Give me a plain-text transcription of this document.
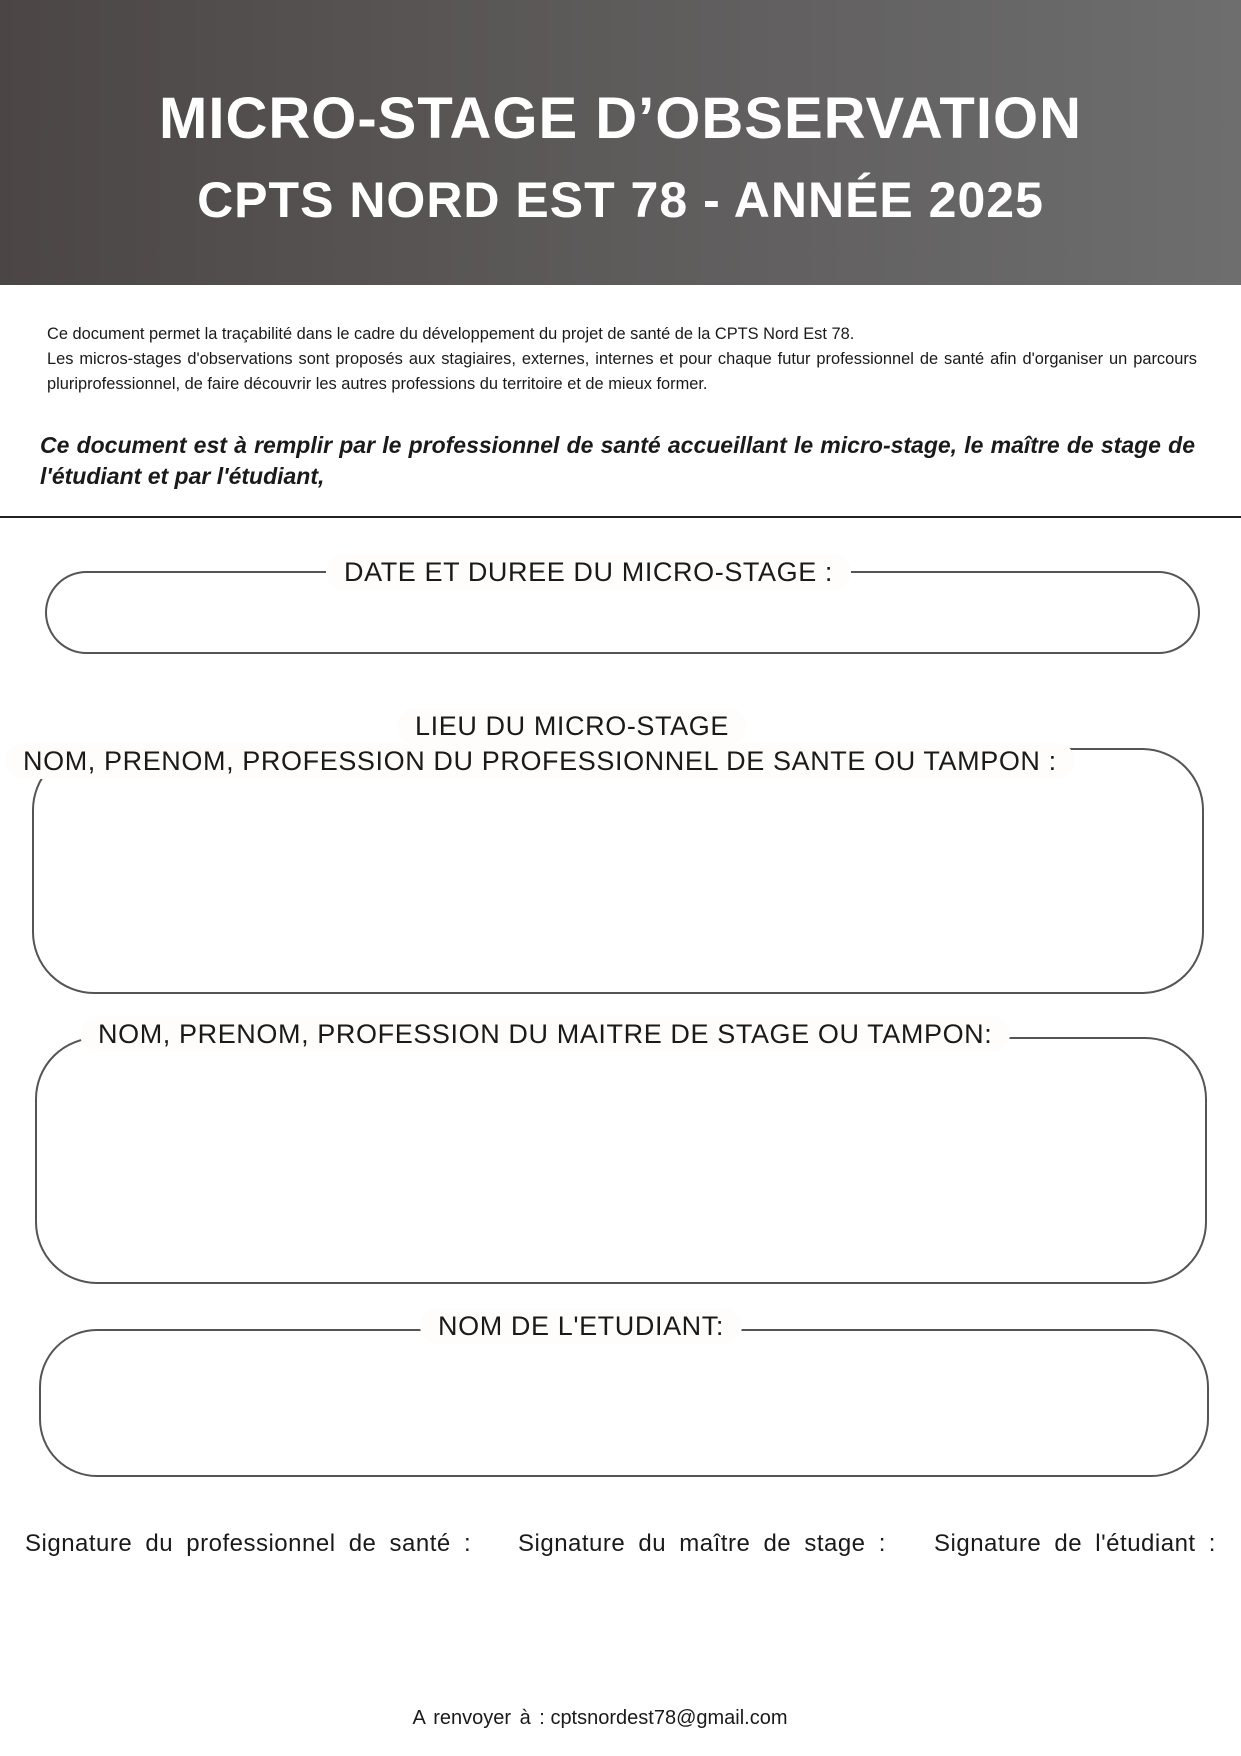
MICRO-STAGE D’OBSERVATION
CPTS NORD EST 78 - ANNÉE 2025

Ce document permet la traçabilité dans le cadre du développement du projet de santé de la CPTS Nord Est 78.

Les micros-stages d'observations sont proposés aux stagiaires, externes, internes et pour chaque futur professionnel de santé afin d'organiser un parcours pluriprofessionnel, de faire découvrir les autres professions du territoire et de mieux former.

Ce document est à remplir par le professionnel de santé accueillant le micro-stage, le maître de stage de l'étudiant et par l'étudiant,

DATE ET DUREE DU MICRO-STAGE :
LIEU DU MICRO-STAGE
NOM, PRENOM, PROFESSION DU PROFESSIONNEL DE SANTE OU TAMPON :
NOM, PRENOM, PROFESSION DU MAITRE DE STAGE OU TAMPON:
NOM DE L'ETUDIANT:
Signature du professionnel de santé : Signature du maître de stage : Signature de l'étudiant :
A renvoyer à : cptsnordest78@gmail.com
